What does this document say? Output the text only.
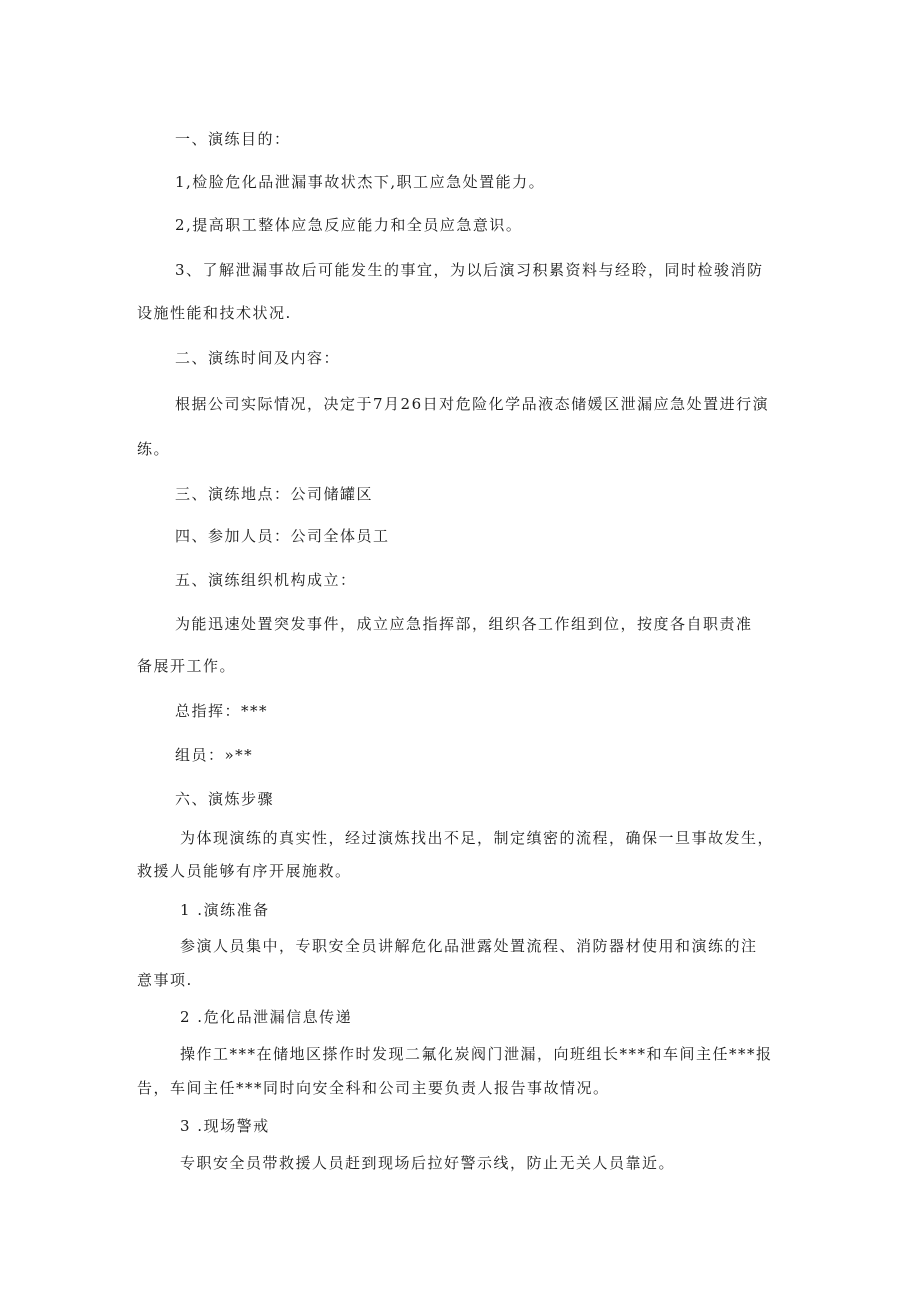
一、演练目的：
1,检脸危化品泄漏事故状杰下,职工应急处置能力。
2,提高职工整体应急反应能力和全员应急意识。
3、了解泄漏事故后可能发生的事宜，为以后演习积累资料与经聆，同时检骏消防
设施性能和技术状况.
二、演练时间及内容：
根据公司实际情况，决定于7月26日对危险化学品液态储媛区泄漏应急处置进行演
练。
三、演练地点：公司储罐区
四、参加人员：公司全体员工
五、演练组织机构成立：
为能迅速处置突发事件，成立应急指挥部，组织各工作组到位，按度各自职责准
备展开工作。
总指挥：***
组员：»**
六、演炼步骤
为体现演练的真实性，经过演炼找出不足，制定缜密的流程，确保一旦事故发生，
救援人员能够有序开展施救。
1 .演练准备
参演人员集中，专职安全员讲解危化品泄露处置流程、消防器材使用和演练的注
意事项.
2 .危化品泄漏信息传递
操作工***在储地区搽作时发现二氟化炭阀门泄漏，向班组长***和车间主任***报
告，车间主任***同时向安全科和公司主要负责人报告事故情况。
3 .现场警戒
专职安全员带救援人员赶到现场后拉好警示线，防止无关人员靠近。
